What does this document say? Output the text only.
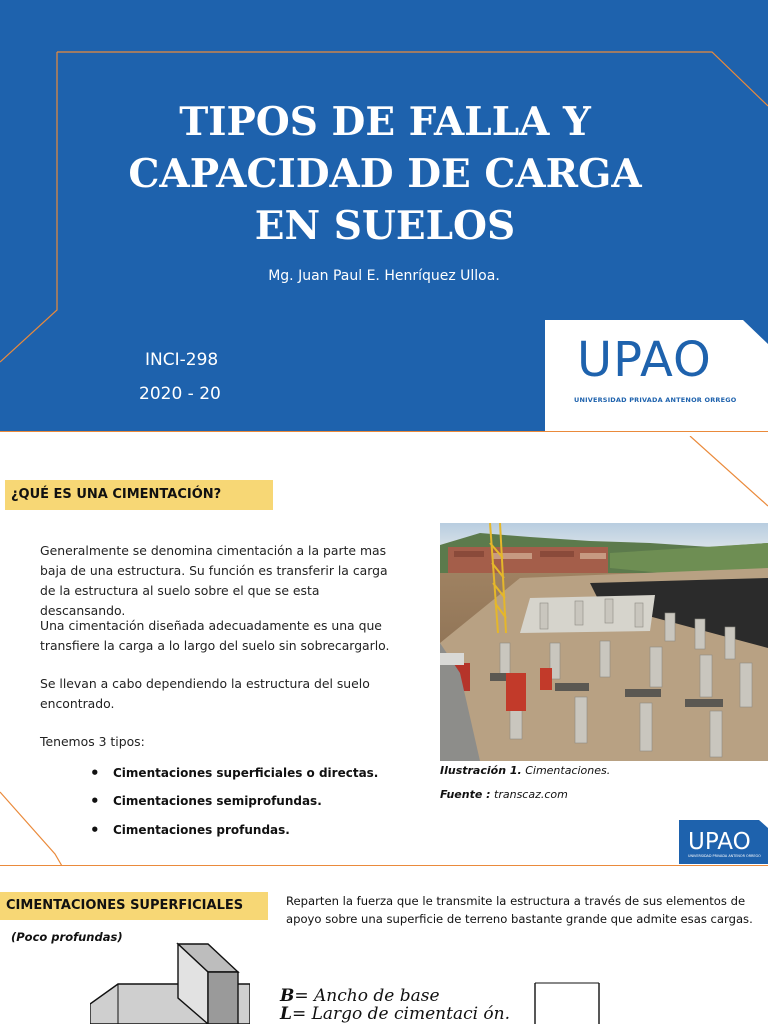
TIPOS DE FALLA Y
CAPACIDAD DE CARGA
EN SUELOS
Mg. Juan Paul E. Henríquez Ulloa.
INCI-298
2020 - 20
UPAO
UNIVERSIDAD PRIVADA ANTENOR ORREGO
¿QUÉ ES UNA CIMENTACIÓN?
Generalmente se denomina cimentación a la parte mas baja de una estructura. Su función es transferir la carga de la estructura al suelo sobre el que se esta descansando.
Una cimentación diseñada adecuadamente es una que transfiere la carga a lo largo del suelo sin sobrecargarlo.
Se llevan a cabo dependiendo la estructura del suelo encontrado.
Tenemos 3 tipos:
• Cimentaciones superficiales o directas.
• Cimentaciones semiprofundas.
• Cimentaciones profundas.
Ilustración 1. Cimentaciones.
Fuente : transcaz.com
UPAO
UNIVERSIDAD PRIVADA ANTENOR ORREGO
CIMENTACIONES SUPERFICIALES	Reparten la fuerza que le transmite la estructura a través de sus elementos de apoyo sobre una superficie de terreno bastante grande que admite esas cargas.
(Poco profundas)
B= Ancho de base
L= Largo de cimentaci ón.
